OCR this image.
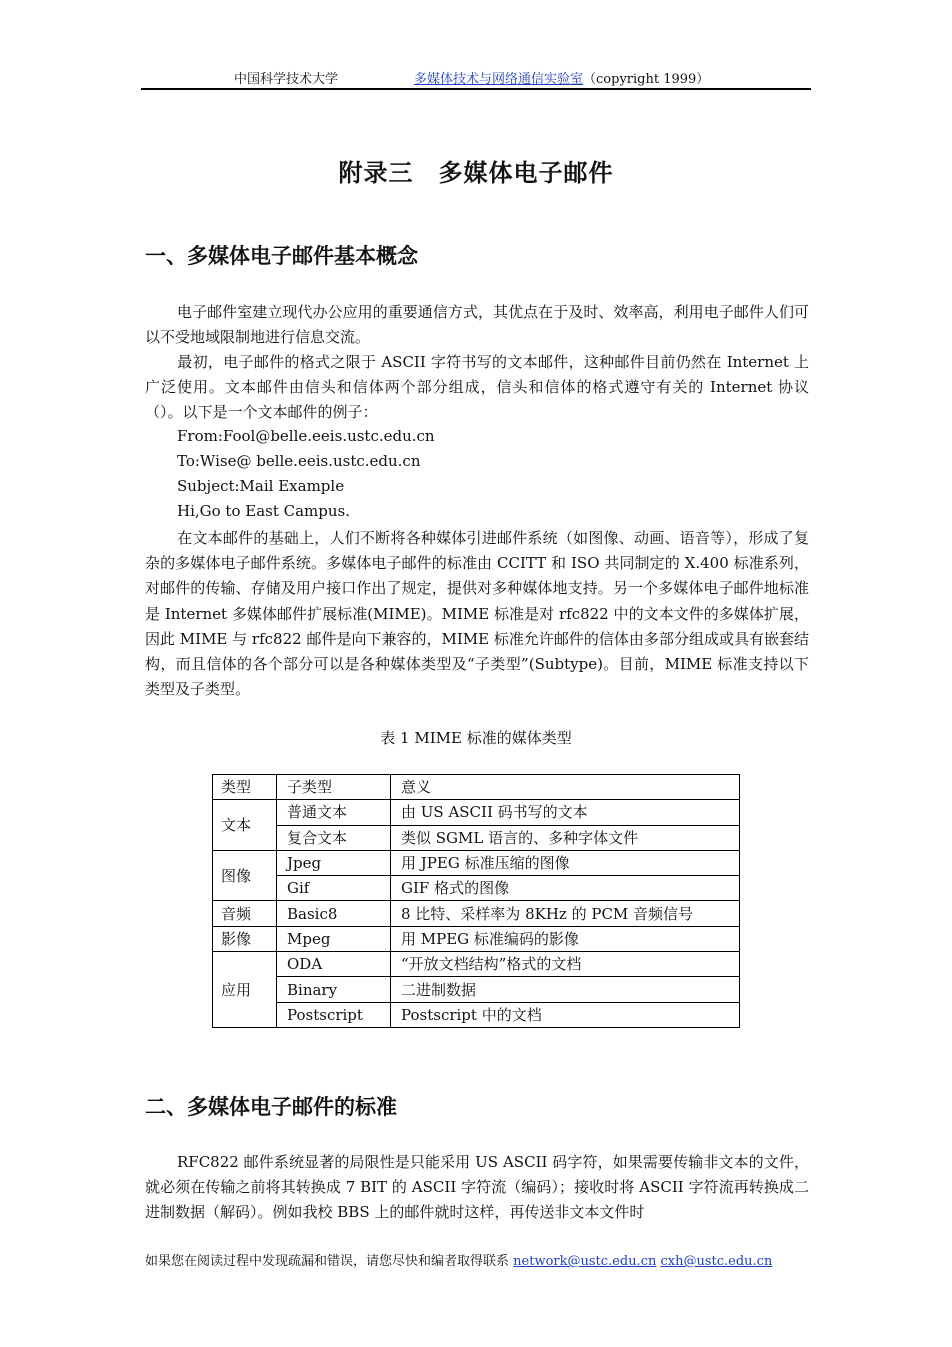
中国科学技术大学	多媒体技术与网络通信实验室（copyright 1999）
附录三　多媒体电子邮件
一、多媒体电子邮件基本概念

电子邮件室建立现代办公应用的重要通信方式，其优点在于及时、效率高，利用电子邮件人们可以不受地域限制地进行信息交流。

最初，电子邮件的格式之限于 ASCII 字符书写的文本邮件，这种邮件目前仍然在 Internet 上广泛使用。文本邮件由信头和信体两个部分组成，信头和信体的格式遵守有关的 Internet 协议（）。以下是一个文本邮件的例子：

From:Fool@belle.eeis.ustc.edu.cn
To:Wise@ belle.eeis.ustc.edu.cn
Subject:Mail Example
Hi,Go to East Campus.

在文本邮件的基础上，人们不断将各种媒体引进邮件系统（如图像、动画、语音等），形成了复杂的多媒体电子邮件系统。多媒体电子邮件的标准由 CCITT 和 ISO 共同制定的 X.400 标准系列，对邮件的传输、存储及用户接口作出了规定，提供对多种媒体地支持。另一个多媒体电子邮件地标准是 Internet 多媒体邮件扩展标准(MIME)。MIME 标准是对 rfc822 中的文本文件的多媒体扩展，因此 MIME 与 rfc822 邮件是向下兼容的，MIME 标准允许邮件的信体由多部分组成或具有嵌套结构，而且信体的各个部分可以是各种媒体类型及“子类型”(Subtype)。目前，MIME 标准支持以下类型及子类型。

表 1 MIME 标准的媒体类型
类型	子类型	意义
文本	普通文本	由 US ASCII 码书写的文本
	复合文本	类似 SGML 语言的、多种字体文件
图像	Jpeg	用 JPEG 标准压缩的图像
	Gif	GIF 格式的图像
音频	Basic8	8 比特、采样率为 8KHz 的 PCM 音频信号
影像	Mpeg	用 MPEG 标准编码的影像
应用	ODA	“开放文档结构”格式的文档
	Binary	二进制数据
	Postscript	Postscript 中的文档
二、多媒体电子邮件的标准

RFC822 邮件系统显著的局限性是只能采用 US ASCII 码字符，如果需要传输非文本的文件，就必须在传输之前将其转换成 7 BIT 的 ASCII 字符流（编码）；接收时将 ASCII 字符流再转换成二进制数据（解码）。例如我校 BBS 上的邮件就时这样，再传送非文本文件时

如果您在阅读过程中发现疏漏和错误，请您尽快和编者取得联系 network@ustc.edu.cn cxh@ustc.edu.cn
